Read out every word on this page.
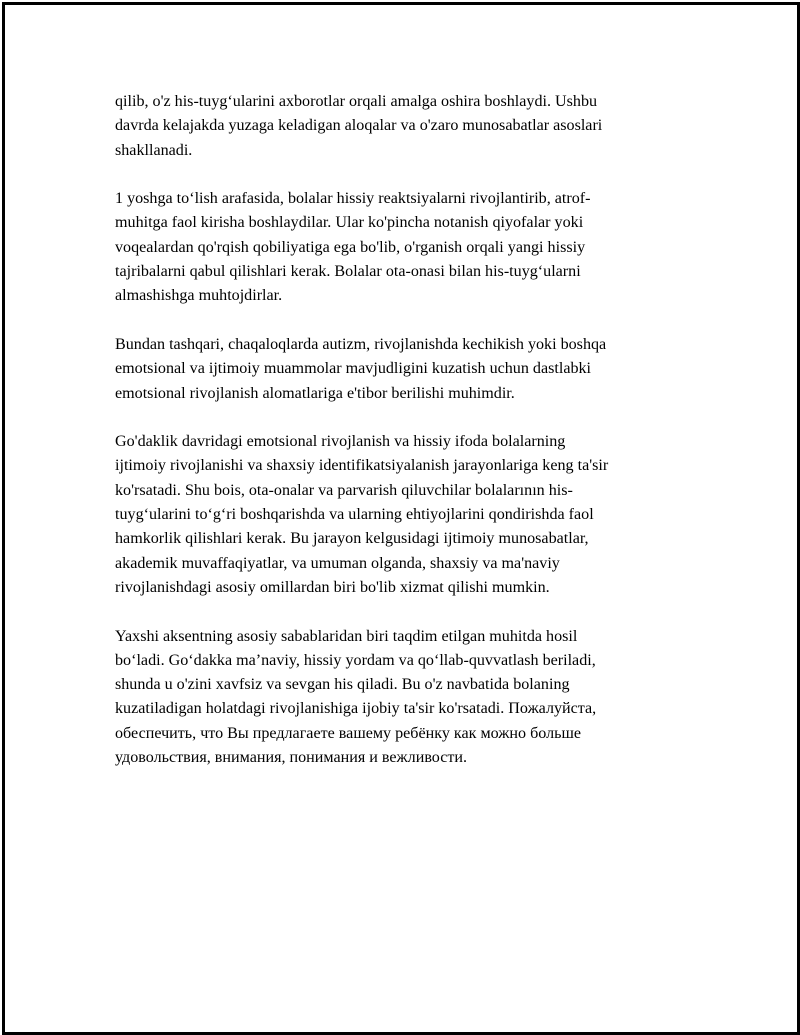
qilib, o'z his-tuyg‘ularini axborotlar orqali amalga oshira boshlaydi. Ushbu
davrda kelajakda yuzaga keladigan aloqalar va o'zaro munosabatlar asoslari
shakllanadi.

1 yoshga to‘lish arafasida, bolalar hissiy reaktsiyalarni rivojlantirib, atrof-
muhitga faol kirisha boshlaydilar. Ular ko'pincha notanish qiyofalar yoki
voqealardan qo'rqish qobiliyatiga ega bo'lib, o'rganish orqali yangi hissiy
tajribalarni qabul qilishlari kerak. Bolalar ota-onasi bilan his-tuyg‘ularni
almashishga muhtojdirlar.

Bundan tashqari, chaqaloqlarda autizm, rivojlanishda kechikish yoki boshqa
emotsional va ijtimoiy muammolar mavjudligini kuzatish uchun dastlabki
emotsional rivojlanish alomatlariga e'tibor berilishi muhimdir.

Go'daklik davridagi emotsional rivojlanish va hissiy ifoda bolalarning
ijtimoiy rivojlanishi va shaxsiy identifikatsiyalanish jarayonlariga keng ta'sir
ko'rsatadi. Shu bois, ota-onalar va parvarish qiluvchilar bolalarının his-
tuyg‘ularini to‘g‘ri boshqarishda va ularning ehtiyojlarini qondirishda faol
hamkorlik qilishlari kerak. Bu jarayon kelgusidagi ijtimoiy munosabatlar,
akademik muvaffaqiyatlar, va umuman olganda, shaxsiy va ma'naviy
rivojlanishdagi asosiy omillardan biri bo'lib xizmat qilishi mumkin.

Yaxshi aksentning asosiy sabablaridan biri taqdim etilgan muhitda hosil
bo‘ladi. Go‘dakka ma’naviy, hissiy yordam va qo‘llab-quvvatlash beriladi,
shunda u o'zini xavfsiz va sevgan his qiladi. Bu o'z navbatida bolaning
kuzatiladigan holatdagi rivojlanishiga ijobiy ta'sir ko'rsatadi. Пожалуйста,
обеспечить, что Вы предлагаете вашему ребёнку как можно больше
удовольствия, внимания, понимания и вежливости.
